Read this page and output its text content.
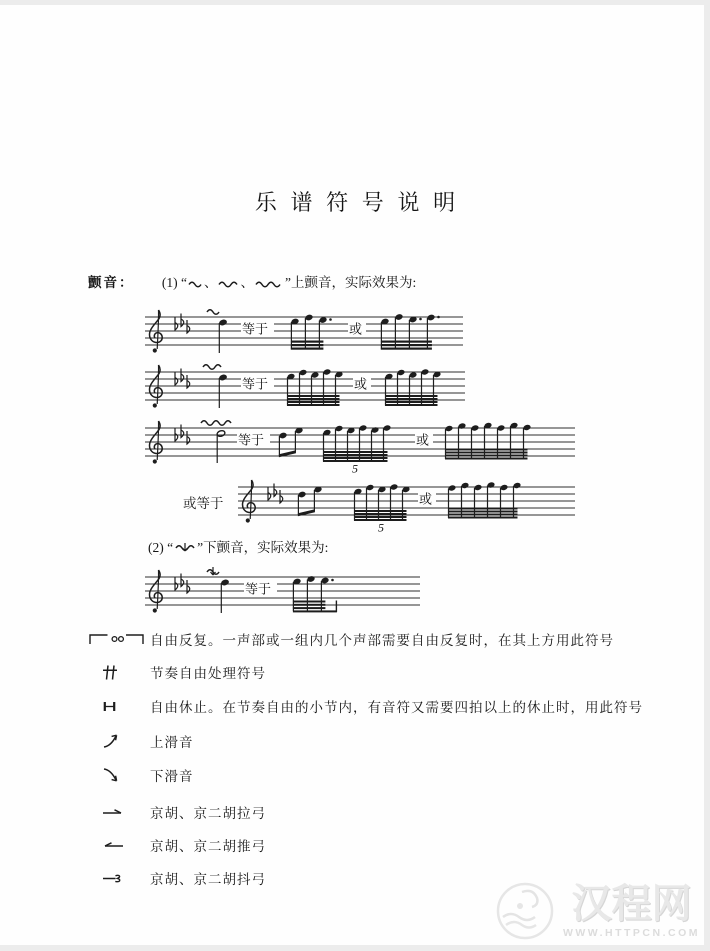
乐谱符号说明
颤音： (1) “ 、 、 ”上颤音，实际效果为:
等于	或
等于	或
等于
5
或
或等于
5
或
(2) “ ”下颤音，实际效果为:
等于
自由反复。一声部或一组内几个声部需要自由反复时，在其上方用此符号
节奏自由处理符号
自由休止。在节奏自由的小节内，有音符又需要四拍以上的休止时，用此符号
上滑音
下滑音
京胡、京二胡拉弓
京胡、京二胡推弓
京胡、京二胡抖弓
汉程网
WWW.HTTPCN.COM
